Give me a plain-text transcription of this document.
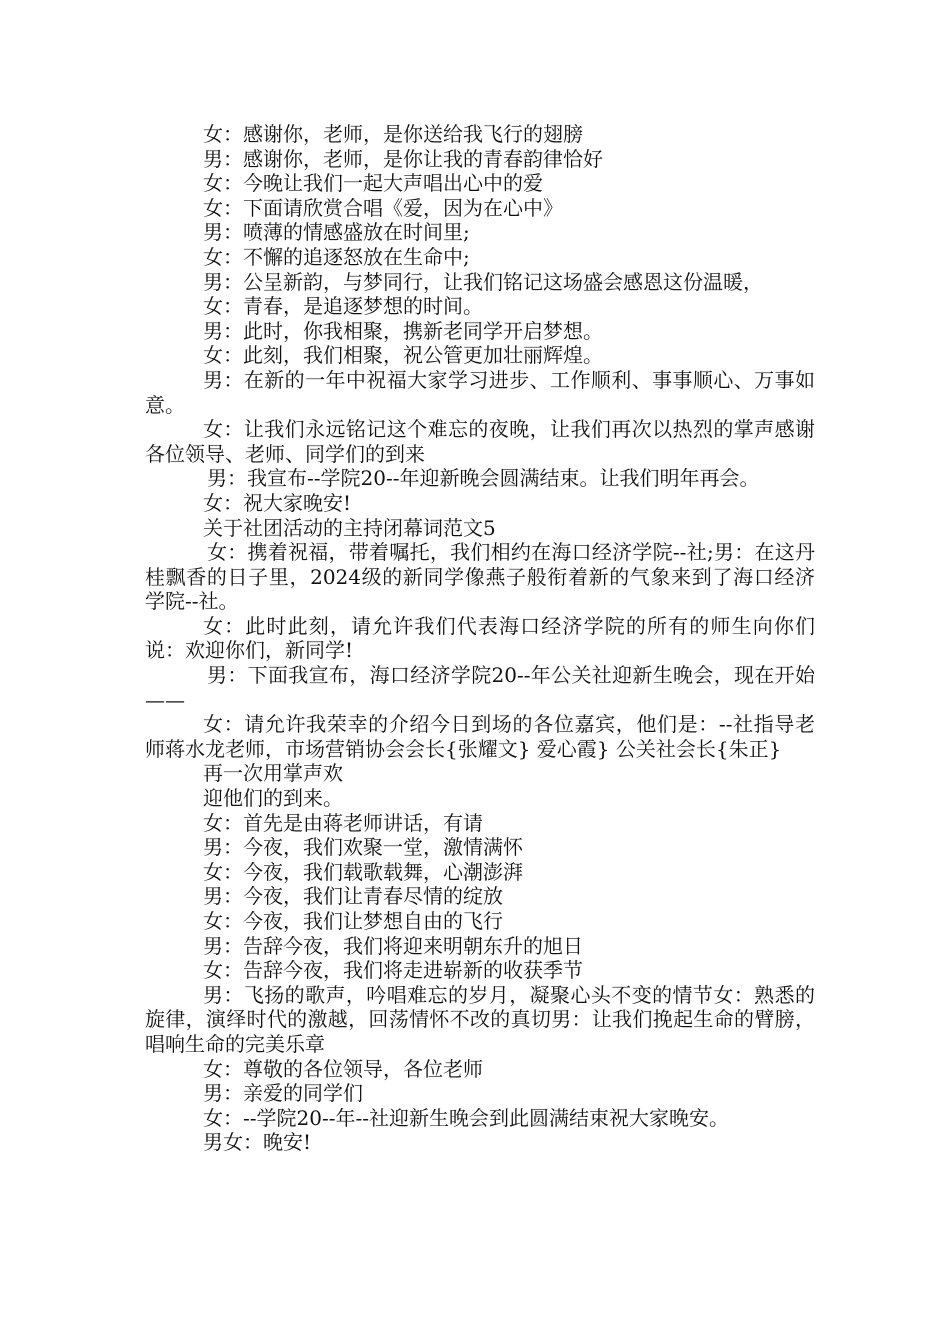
女：感谢你，老师，是你送给我飞行的翅膀

男：感谢你，老师，是你让我的青春韵律恰好

女：今晚让我们一起大声唱出心中的爱

女：下面请欣赏合唱《爱，因为在心中》

男：喷薄的情感盛放在时间里;

女：不懈的追逐怒放在生命中;

男：公呈新韵，与梦同行，让我们铭记这场盛会感恩这份温暖，

女：青春，是追逐梦想的时间。

男：此时，你我相聚，携新老同学开启梦想。

女：此刻，我们相聚，祝公管更加壮丽辉煌。

男：在新的一年中祝福大家学习进步、工作顺利、事事顺心、万事如意。

女：让我们永远铭记这个难忘的夜晚，让我们再次以热烈的掌声感谢各位领导、老师、同学们的到来

男：我宣布--学院20--年迎新晚会圆满结束。让我们明年再会。

女：祝大家晚安!

关于社团活动的主持闭幕词范文5

女：携着祝福，带着嘱托，我们相约在海口经济学院--社;男：在这丹桂飘香的日子里，2024级的新同学像燕子般衔着新的气象来到了海口经济学院--社。

女：此时此刻，请允许我们代表海口经济学院的所有的师生向你们说：欢迎你们，新同学!

男：下面我宣布，海口经济学院20--年公关社迎新生晚会，现在开始——

女：请允许我荣幸的介绍今日到场的各位嘉宾，他们是：--社指导老师蒋水龙老师，市场营销协会会长{张耀文} 爱心霞} 公关社会长{朱正}

再一次用掌声欢

迎他们的到来。

女：首先是由蒋老师讲话，有请

男：今夜，我们欢聚一堂，激情满怀

女：今夜，我们载歌载舞，心潮澎湃

男：今夜，我们让青春尽情的绽放

女：今夜，我们让梦想自由的飞行

男：告辞今夜，我们将迎来明朝东升的旭日

女：告辞今夜，我们将走进崭新的收获季节

男：飞扬的歌声，吟唱难忘的岁月，凝聚心头不变的情节女：熟悉的旋律，演绎时代的激越，回荡情怀不改的真切男：让我们挽起生命的臂膀，唱响生命的完美乐章

女：尊敬的各位领导，各位老师

男：亲爱的同学们

女：--学院20--年--社迎新生晚会到此圆满结束祝大家晚安。

男女：晚安!
